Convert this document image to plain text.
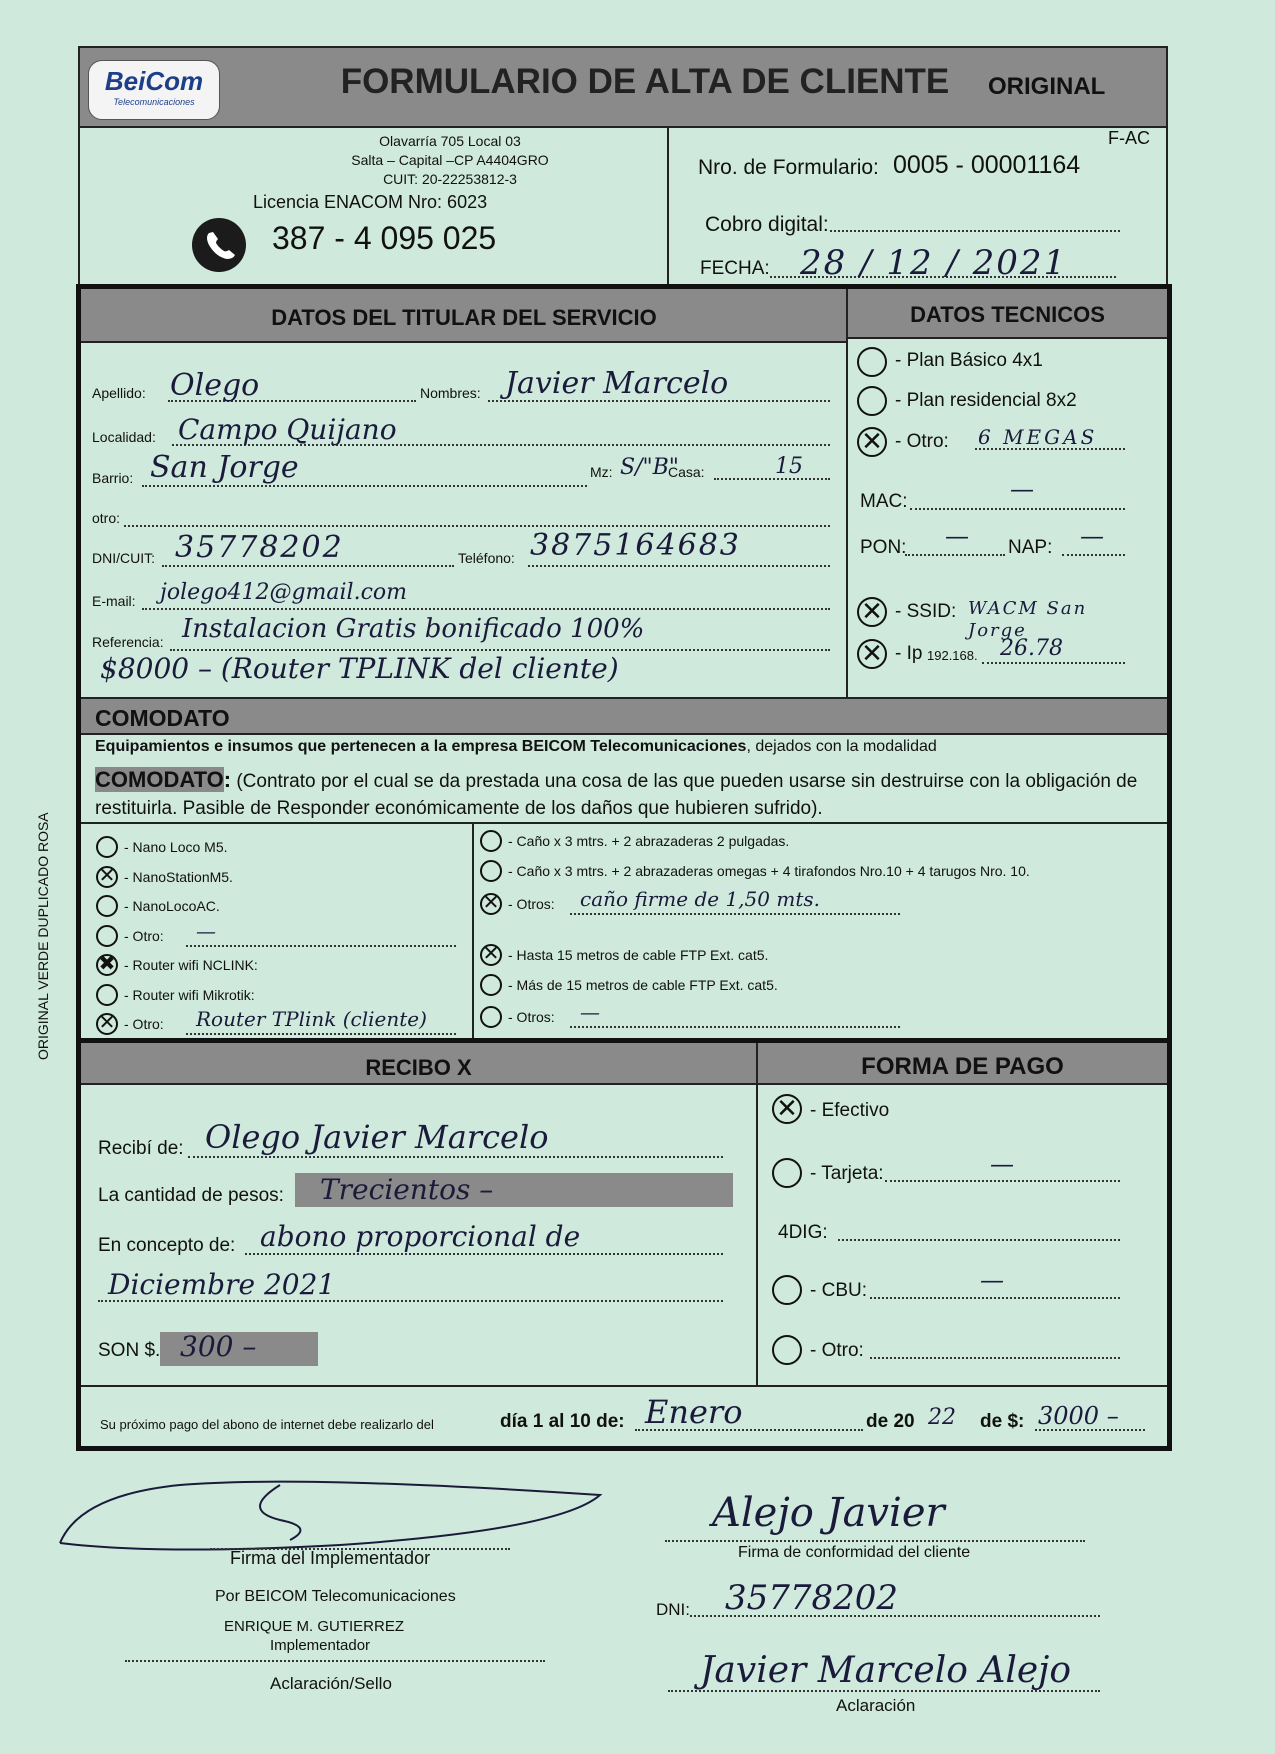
BeiCom
Telecomunicaciones
FORMULARIO DE ALTA DE CLIENTE	ORIGINAL
Olavarría 705 Local 03
Salta – Capital –CP A4404GRO
CUIT: 20-22253812-3
Licencia ENACOM Nro: 6023
387 - 4 095 025
F-AC
Nro. de Formulario: 0005 - 00001164
Cobro digital:
FECHA: 28 / 12 / 2021
DATOS DEL TITULAR DEL SERVICIO	DATOS TECNICOS
Apellido: Olego	Nombres: Javier Marcelo
Localidad: Campo Quijano
Barrio: San Jorge	Mz: S/"B"
Casa:	15
otro:
DNI/CUIT: 35778202	Teléfono: 3875164683
E-mail: jolego412@gmail.com
Referencia: Instalacion Gratis bonificado 100%
$8000 – (Router TPLINK del cliente)
- Plan Básico 4x1
- Plan residencial 8x2
✕ - Otro: 6 MEGAS
MAC:	—
PON: — NAP: —
✕ - SSID: WACM San Jorge
✕ - Ip 192.168. 26.78
COMODATO
Equipamientos e insumos que pertenecen a la empresa BEICOM Telecomunicaciones, dejados con la modalidad
COMODATO: (Contrato por el cual se da prestada una cosa de las que pueden usarse sin destruirse con la obligación de restituirla. Pasible de Responder económicamente de los daños que hubieren sufrido).
- Nano Loco M5.
✕ - NanoStationM5.
- NanoLocoAC.
- Otro: —
✖ - Router wifi NCLINK:
- Router wifi Mikrotik:
✕ - Otro: Router TPlink (cliente)
- Caño x 3 mtrs. + 2 abrazaderas 2 pulgadas.
- Caño x 3 mtrs. + 2 abrazaderas omegas + 4 tirafondos Nro.10 + 4 tarugos Nro. 10.
✕ - Otros: caño firme de 1,50 mts.
✕ - Hasta 15 metros de cable FTP Ext. cat5.
- Más de 15 metros de cable FTP Ext. cat5.
- Otros: —
ORIGINAL VERDE DUPLICADO ROSA
RECIBO X	FORMA DE PAGO
Recibí de: Olego Javier Marcelo
La cantidad de pesos: Trecientos –
En concepto de: abono proporcional de
Diciembre 2021
SON $. 300 –
✕ - Efectivo
- Tarjeta:	—
4DIG:
- CBU:	—
- Otro:
Su próximo pago del abono de internet debe realizarlo del	día 1 al 10 de: Enero	de 20 22 de $: 3000 –
Firma del Implementador
Por BEICOM Telecomunicaciones
ENRIQUE M. GUTIERREZ
Implementador
Aclaración/Sello
Alejo Javier
Firma de conformidad del cliente
DNI: 35778202
Javier Marcelo Alejo
Aclaración
